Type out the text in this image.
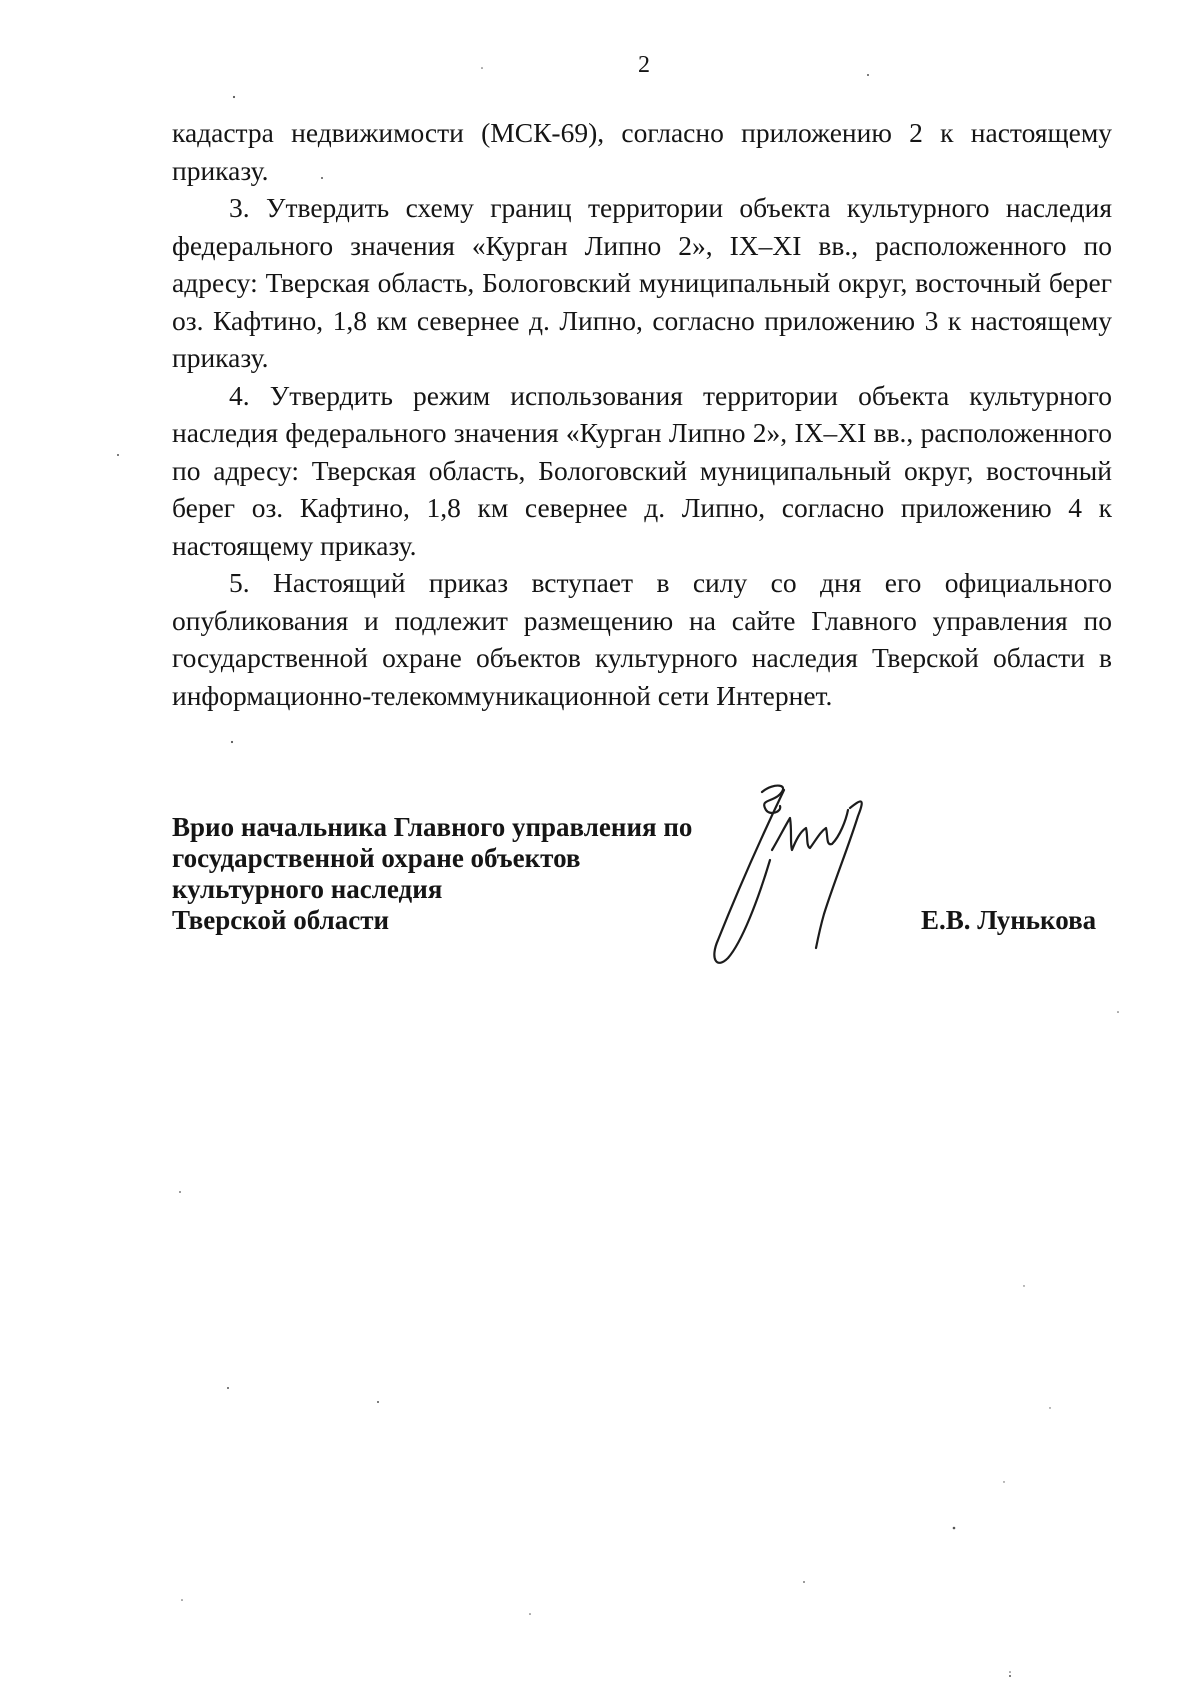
2

кадастра недвижимости (МСК-69), согласно приложению 2 к настоящему приказу.

3. Утвердить схему границ территории объекта культурного наследия федерального значения «Курган Липно 2», IX–XI вв., расположенного по адресу: Тверская область, Бологовский муниципальный округ, восточный берег оз. Кафтино, 1,8 км севернее д. Липно, согласно приложению 3 к настоящему приказу.

4. Утвердить режим использования территории объекта культурного наследия федерального значения «Курган Липно 2», IX–XI вв., расположенного по адресу: Тверская область, Бологовский муниципальный округ, восточный берег оз. Кафтино, 1,8 км севернее д. Липно, согласно приложению 4 к настоящему приказу.

5. Настоящий приказ вступает в силу со дня его официального опубликования и подлежит размещению на сайте Главного управления по государственной охране объектов культурного наследия Тверской области в информационно-телекоммуникационной сети Интернет.

Врио начальника Главного управления по
государственной охране объектов
культурного наследия
Тверской области	Е.В. Лунькова
